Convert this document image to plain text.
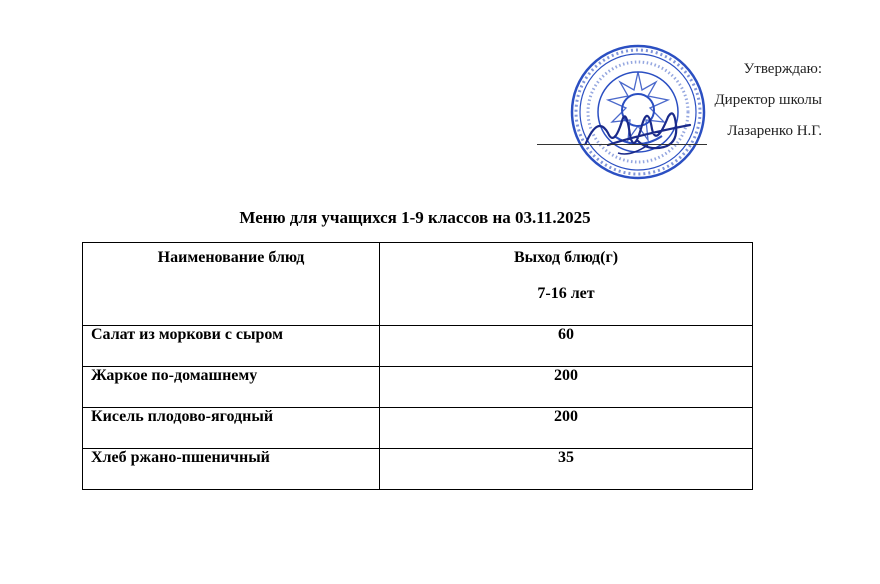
Утверждаю:
Директор школы
Лазаренко Н.Г.
Меню для учащихся 1-9 классов на 03.11.2025
Наименование блюд	Выход блюд(г)
7-16 лет

Салат из моркови с сыром	60
Жаркое по-домашнему	200
Кисель плодово-ягодный	200
Хлеб ржано-пшеничный	35
